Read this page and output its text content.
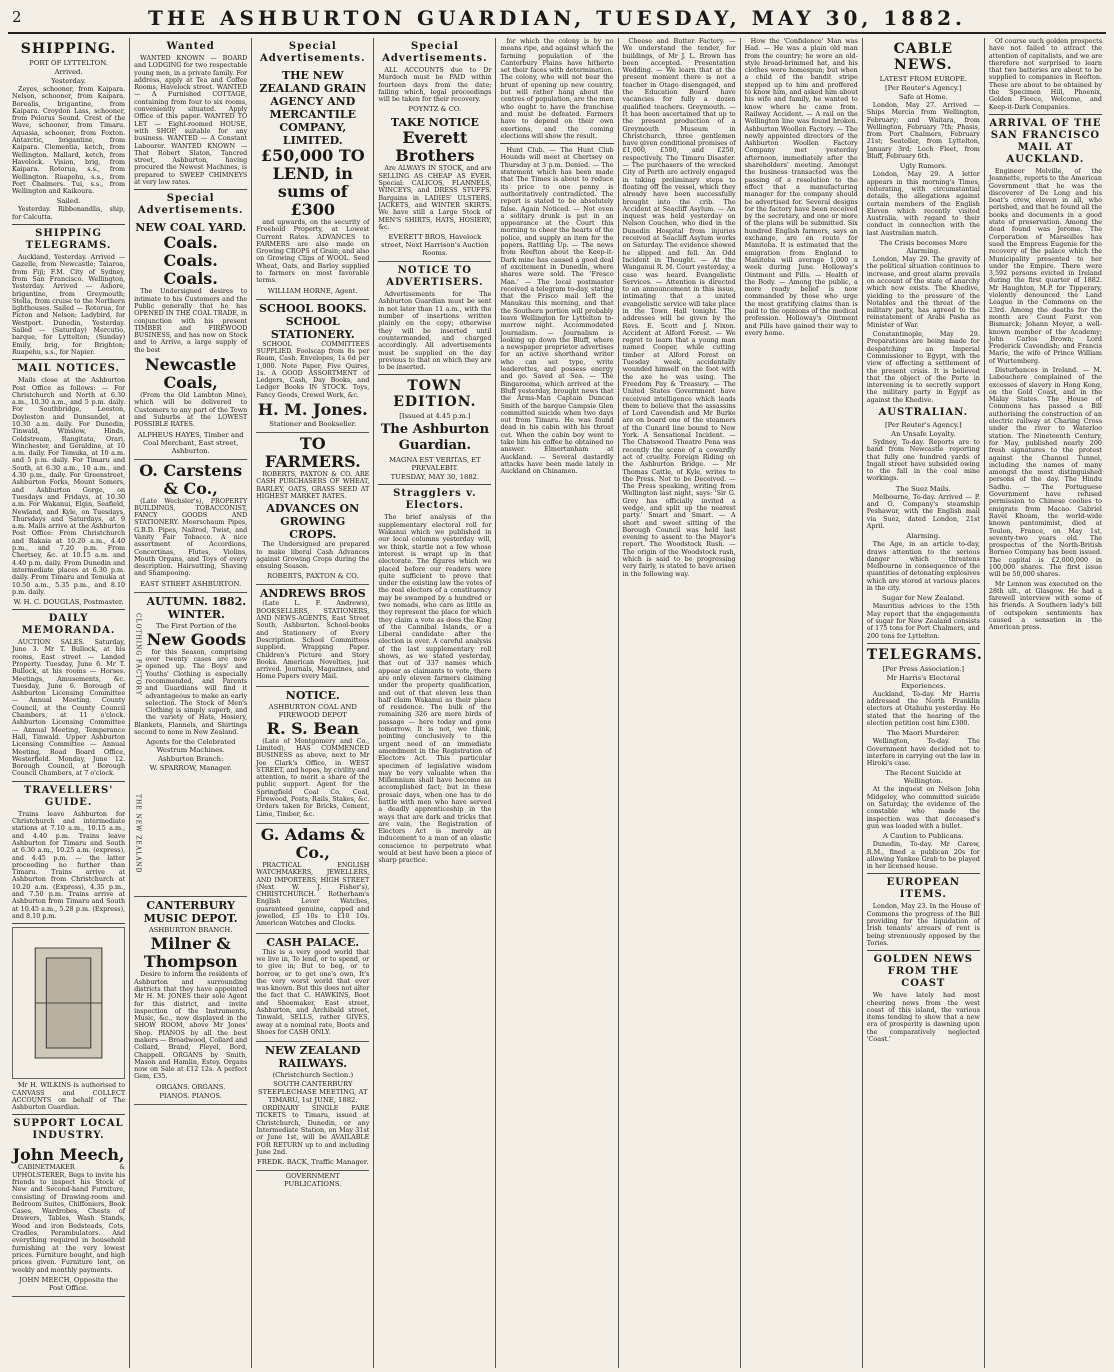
2	THE ASHBURTON GUARDIAN, TUESDAY, MAY 30, 1882.
SHIPPING.
PORT OF LYTTELTON.
Arrived.
Yesterday.

Zeyes, schooner, from Kaipara. Nelson, schooner, from Kaipara. Borealis, brigantine, from Kaipara. Croydon Lass, schooner, from Pelorus Sound. Crest of the Wave, schooner, from Timaru. Aquasia, schooner, from Foxton. Antarctic, brigantine, from Kaipara. Clementia, ketch, from Wellington. Mallard, ketch, from Havelock. Vision, brig, from Kaipara. Rotorua, s.s., from Wellington. Ruapehu, s.s., from Port Chalmers. Tui, s.s., from Wellington and Kaikoura.

Sailed.

Yesterday. Ribbonandlis, ship, for Calcutta.

SHIPPING TELEGRAMS.

Auckland, Yesterday. Arrived — Gazelle, from Newcastle; Taiaroa, from Fiji; F.M. City of Sydney, from San Francisco. Wellington, Yesterday. Arrived — Ashore, brigantine, from Greymouth; Stella, from cruise to the Northern lighthouses. Sailed — Rotorua, for Picton and Nelson; Ladybird, for Westport. Dunedin, Yesterday. Sailed — (Saturday) Mercutio, barque, for Lyttelton; (Sunday) Emily, brig, for Brighton; Ruapehu, s.s., for Napier.

MAIL NOTICES.

Mails close at the Ashburton Post Office as follows: — For Christchurch and North at 6.30 a.m., 10.30 a.m., and 5 p.m. daily. For Southbridge, Leeston, Doyleston and Dunsandel, at 10.30 a.m. daily. For Dunedin, Tinwald, Winslow, Hinds, Coldstream, Rangitata, Orari, Winchester, and Geraldine, at 10 a.m. daily. For Temuka, at 10 a.m. and 5 p.m. daily. For Timaru and South, at 6.30 a.m., 10 a.m., and 4.30 p.m., daily. For Greenstreet, Ashburton Forks, Mount Somers, and Ashburton Gorge, on Tuesdays and Fridays, at 10.30 a.m. For Wakanui, Elgin, Seafield, Newland, and Kyle, on Tuesdays, Thursdays and Saturdays, at 9 a.m. Mails arrive at the Ashburton Post Office: From Christchurch and Rakaia at 10.20 a.m., 4.40 p.m., and 7.20 p.m. From Chertsey, &c. at 10.15 a.m. and 4.40 p.m. daily. From Dunedin and intermediate places at 6.30 p.m. daily. From Timaru and Temuka at 10.50 a.m., 5.35 p.m., and 8.10 p.m. daily.

W. H. C. DOUGLAS, Postmaster.
DAILY MEMORANDA.

AUCTION SALES. Saturday, June 3. Mr T. Bullock, at his rooms, East street — Landed Property. Tuesday, June 6. Mr T. Bullock, at his rooms — Horses. Meetings, Amusements, &c. Tuesday, June 6. Borough of Ashburton Licensing Committee — Annual Meeting. County Council, at the County Council Chambers, at 11 o'clock. Ashburton Licensing Committee — Annual Meeting, Temperance Hall, Tinwald. Upper Ashburton Licensing Committee — Annual Meeting, Road Board Office, Westerfield. Monday, June 12. Borough Council, at Borough Council Chambers, at 7 o'clock.

TRAVELLERS' GUIDE.

Trains leave Ashburton for Christchurch and intermediate stations at 7.10 a.m., 10.15 a.m., and 4.40 p.m. Trains leave Ashburton for Timaru and South at 6.30 a.m., 10.25 a.m. (express), and 4.45 p.m. — the latter proceeding no further than Timaru. Trains arrive at Ashburton from Christchurch at 10.20 a.m. (Express), 4.35 p.m., and 7.50 p.m. Trains arrive at Ashburton from Timaru and South at 10.45 a.m., 5.28 p.m. (Express), and 8.10 p.m.

Mr H. WILKINS is authorised to CANVASS and COLLECT ACCOUNTS on behalf of The Ashburton Guardian.

SUPPORT LOCAL INDUSTRY.
John Meech,

CABINETMAKER & UPHOLSTERER, Begs to invite his friends to inspect his Stock of New and Second-hand Furniture, consisting of Drawing-room and Bedroom Suites, Chiffoniers, Book Cases, Wardrobes, Chests of Drawers, Tables, Wash Stands, Wood and iron Bedsteads, Cots, Cradles, Perambulators. And everything required in household furnishing at the very lowest prices. Furniture bought, and high prices given. Furniture lent, on weekly and monthly payments.

JOHN MEECH, Opposite the Post Office.
Wanted

WANTED KNOWN — BOARD and LODGING for two respectable young men, in a private family. For address, apply at Tea and Coffee Rooms, Havelock street. WANTED — A Furnished COTTAGE, containing from four to six rooms, conveniently situated. Apply Office of this paper. WANTED TO LET — Eight-roomed HOUSE, with SHOP, suitable for any business. WANTED — A Constant Labourer. WANTED KNOWN — That Robert Slaton, Tancred street, Ashburton, having procured the Newest Machines, is prepared to SWEEP CHIMNEYS at very low rates.

Special Advertisements.
NEW COAL YARD.
Coals. Coals. Coals.

The Undersigned desires to intimate to his Customers and the Public generally that he has OPENED IN THE COAL TRADE, in conjunction with his present TIMBER and FIREWOOD BUSINESS, and has now on Stock and to Arrive, a large supply of the best

Newcastle Coals,

(From the Old Lambton Mine), which will be delivered to Customers to any part of the Town and Suburbs at the LOWEST POSSIBLE RATES.

ALPHEUS HAYES, Timber and Coal Merchant, East street, Ashburton.
O. Carstens & Co.,

(Late Wechsler's), PROPERTY BUILDINGS, TOBACCONIST, FANCY GOODS AND STATIONERY. Meerschaum Pipes, G.B.D. Pipes, Nailrod, Twist, and Vanity Fair Tobacco. A nice assortment of Accordions, Concertinas, Flutes, Violins, Mouth Organs, and Toys of every description. Hairsutting, Shaving and Shampooing.

EAST STREET ASHBURTON.
CLOTHING FACTORY
AUTUMN. 1882. WINTER.
The First Portion of the
New Goods

for this Season, comprising over twenty cases are now opened up. The Boys' and Youths' Clothing is especially recommended, and Parents and Guardians will find it advantageous to make an early selection. The Stock of Men's Clothing is simply superb, and the variety of Hats, Hosiery, Blankets, Flannels, and Shirtings second to none in New Zealand.

Agents for the Celebrated Westrum Machines.
Ashburton Branch:
W. SPARROW, Manager.
THE NEW ZEALAND
CANTERBURY MUSIC DEPOT.
ASHBURTON BRANCH.
Milner & Thompson

Desire to inform the residents of Ashburton and surrounding districts that they have appointed Mr H. M. JONES their sole Agent for this district, and invite inspection of the Instruments, Music, &c., now displayed in the SHOW ROOM, above Mr Jones' Shop. PIANOS by all the best makers — Broadwood, Collard and Collard, Brand, Pleyel, Bord, Chappell. ORGANS by Smith, Mason and Hamlin, Estey. Organs now on Sale at £12 12s. A perfect Gem, £35.

ORGANS. ORGANS.
PIANOS. PIANOS.
Special Advertisements.
THE NEW ZEALAND GRAIN AGENCY AND MERCANTILE COMPANY, LIMITED.
£50,000 TO LEND, in sums of £300

and upwards, on the security of Freehold Property, at Lowest Current Rates. ADVANCES to FARMERS are also made on Growing CROPS of Grain; and also on Growing Clips of WOOL. Seed Wheat, Oats, and Barley supplied to farmers on most favorable terms.

WILLIAM HORNE, Agent.
SCHOOL BOOKS. SCHOOL STATIONERY.

SCHOOL COMMITTEES SUPPLIED. Foolscap from 8s per Ream, Cash. Envelopes, 1s 6d per 1,000. Note Paper, Five Quires, 1s. A GOOD ASSORTMENT of Ledgers, Cash, Day Books, and Ledger Books IN STOCK. Toys, Fancy Goods, Crewel Work, &c.

H. M. Jones.
Stationer and Bookseller.
TO FARMERS.

ROBERTS, PAXTON & CO. ARE CASH PURCHASERS OF WHEAT, BARLEY, OATS, GRASS SEED AT HIGHEST MARKET RATES.

ADVANCES ON GROWING CROPS.

The Undersigned are prepared to make liberal Cash Advances against Growing Crops during the ensuing Season.

ROBERTS, PAXTON & CO.
ANDREWS BROS

(Late L. F. Andrews), BOOKSELLERS, STATIONERS, AND NEWS-AGENTS, East Street South, Ashburton. School-books and Stationery of Every Description. School Committees supplied. Wrapping Paper. Children's Picture and Story Books. American Novelties, just arrived. Journals, Magazines, and Home Papers every Mail.

NOTICE.
ASHBURTON COAL AND FIREWOOD DEPOT
R. S. Bean

(Late of Montgomery and Co., Limited), HAS COMMENCED BUSINESS as above, next to Mr Joe Clark's Office, in WEST STREET, and hopes, by civility and attention, to merit a share of the public support. Agent for the Springfield Coal Co. Coal, Firewood, Posts, Rails, Stakes, &c. Orders taken for Bricks, Cement, Lime, Timber, &c.

G. Adams & Co.,

PRACTICAL ENGLISH WATCHMAKERS, JEWELLERS, AND IMPORTERS, HIGH STREET (Next W. J. Fisher's), CHRISTCHURCH. Rotherham's English Lever Watches, guaranteed genuine, capped and jewelled, £5 10s to £10 10s. American Watches and Clocks.

CASH PALACE.

This is a very good world that we live in, To lend, or to spend, or to give in; But to beg, or to borrow, or to get one's own, It's the very worst world that ever was known. But this does not alter the fact that C. HAWKINS, Boot and Shoemaker, East street, Ashburton, and Archibald street, Tinwald, SELLS, rather GIVES, away at a nominal rate, Boots and Shoes for CASH ONLY.

NEW ZEALAND RAILWAYS.
(Christchurch Section.)
SOUTH CANTERBURY STEEPLECHASE MEETING, AT TIMARU, 1st JUNE, 1882.

ORDINARY SINGLE FARE TICKETS to Timaru, issued at Christchurch, Dunedin, or any Intermediate Station, on May 31st or June 1st, will be AVAILABLE FOR RETURN up to and including June 2nd.

FREDK. BACK, Traffic Manager.
GOVERNMENT PUBLICATIONS.
Special Advertisements.

ALL ACCOUNTS due to Dr Murdoch must be PAID within fourteen days from the date; failing which, legal proceedings will be taken for their recovery.

POYNTZ & CO.
TAKE NOTICE
Everett Brothers

Are ALWAYS IN STOCK, and are SELLING AS CHEAP AS EVER. Special: CALICOS, FLANNELS, WINCEYS, and DRESS STUFFS. Bargains in LADIES' ULSTERS, JACKETS, and WINTER SKIRTS. We have still a Large Stock of MEN'S SHIRTS, HATS, HOSIERY, &c.

EVERETT BROS, Havelock street, Next Harrison's Auction Rooms.
NOTICE TO ADVERTISERS.

Advertisements for The Ashburton Guardian must be sent in not later than 11 a.m., with the number of insertions written plainly on the copy; otherwise they will be inserted until countermanded, and charged accordingly. All advertisements must be supplied on the day previous to that on which they are to be inserted.

TOWN EDITION.
[Issued at 4.45 p.m.]
The Ashburton Guardian.
MAGNA EST VERITAS, ET PREVALEBIT.
TUESDAY, MAY 30, 1882.
Stragglers v. Electors.

The brief analysis of the supplementary electoral roll for Wakanui which we published in our local columns yesterday will, we think, startle not a few whose interest is wrapt up in that electorate. The figures which we placed before our readers were quite sufficient to prove that under the existing law the votes of the real electors of a constituency may be swamped by a hundred or two nomads, who care as little as they represent the place for which they claim a vote as does the King of the Cannibal Islands, or a Liberal candidate after the election is over. A careful analysis of the last supplementary roll shows, as we stated yesterday, that out of 337 names which appear as claimants to vote, there are only eleven farmers claiming under the property qualification, and out of that eleven less than half claim Wakanui as their place of residence. The bulk of the remaining 326 are mere birds of passage — here today and gone tomorrow. It is not, we think, pointing conclusively to the urgent need of an immediate amendment in the Registration of Electors Act. This particular specimen of legislative wisdom may be very valuable when the Millennium shall have become an accomplished fact; but in these prosaic days, when one has to do battle with men who have served a deadly apprenticeship in the ways that are dark and tricks that are vain, the Registration of Electors Act is merely an inducement to a man of an elastic conscience to perpetrate what would at best have been a piece of sharp practice.

for which the colony is by no means ripe, and against which the farming population of the Canterbury Plains have hitherto set their faces with determination. The colony, who will not bear the brunt of opening up new country, but will rather hang about the centres of population, are the men who ought to have the franchise and must be defeated. Farmers have to depend on their own exertions, and the coming elections will show the result.

Hunt Club. — The Hunt Club Hounds will meet at Chertsey on Thursday at 3 p.m. Denied. — The statement which has been made that The Times is about to reduce its price to one penny is authoritatively contradicted. The report is stated to be absolutely false. Again Noticed. — Not even a solitary drunk is put in an appearance at the Court this morning to cheer the hearts of the police, and supply an item for the papers. Rattling Up. — The news from Reefton about the Keep-it-Dark mine has caused a good deal of excitement in Dunedin, where shares were sold. The 'Fresco Man.' — The local postmaster received a telegram to-day, stating that the Frisco mail left the Manukau this morning, and that the Southern portion will probably leave Wellington for Lyttelton to-morrow night. Accommodated Journalism. — Journalism is looking up down the Bluff, where a newspaper proprietor advertises for an active shorthand writer who can set type, write leaderettes, and possess energy and go. Saved at Sea. — The Bingarooma, which arrived at the Bluff yesterday, brought news that the Arms-Man Captain Duncan Smith of the barque Campsie Glen committed suicide when two days out from Timaru. He was found dead in his cabin with his throat cut. When the cabin boy went to take him his coffee he obtained no answer. Elmertanham at Auckland. — Several dastardly attacks have been made lately in Auckland on Chinamen.

Cheese and Butter Factory. — We understand the tender, for buildings, of Mr J. L. Brown has been accepted. Presentation Wedding. — We learn that at the present moment there is not a teacher in Otago disengaged, and the Education Board have vacancies for fully a dozen qualified teachers. Greymouth. — It has been ascertained that up to the present production of a Greymouth Museum in Christchurch, three gentlemen have given conditional promises of £1,000, £500, and £250, respectively. The Timaru Disaster. — The purchasers of the wrecked City of Perth are actively engaged in taking preliminary steps to floating off the vessel, which they already have been successfully brought into the crib. The Accident at Seacliff Asylum. — An inquest was held yesterday on Nelson Couchen, who died in the Dunedin Hospital from injuries received at Seacliff Asylum works on Saturday. The evidence showed he slipped and fell. An Odd Incident in Thought. — At the Wanganui R. M. Court yesterday, a case was heard. Evangelistic Services. — Attention is directed to an announcement in this issue, intimating that a united evangelistic service will take place in the Town Hall tonight. The addresses will be given by the Revs. E. Scott and J. Nixon. Accident at Alford Forest. — We regret to learn that a young man named Cooper, while cutting timber at Alford Forest on Tuesday week, accidentally wounded himself on the foot with the axe he was using. The Freedom Pay & Treasury. — The United States Government have received intelligence which leads them to believe that the assassins of Lord Cavendish and Mr Burke are on board one of the steamers of the Cunard line bound to New York. A Sensational Incident. — The Chatswood Theatre Pena was recently the scene of a cowardly act of cruelty. Foreign Riding on the Ashburton Bridge. — Mr Thomas Cattle, of Kyle, writes to the Press. Not to be Deceived. — The Press speaking, writing from Wellington last night, says: 'Sir G. Grey has officially invited a wedge, and split up the nearest party.' Smart and Smart. — A short and sweet sitting of the Borough Council was held last evening to assent to the Mayor's report. The Woodstock Rush. — The origin of the Woodstock rush, which is said to be progressing very fairly, is stated to have arisen in the following way.

How the 'Confidence' Man was Had. — He was a plain old man from the country; he wore an old-style broad-brimmed hat, and his clothes were homespun; but when a child of the bandit stripe stepped up to him and proffered to know him, and asked him about his wife and family, he wanted to know where he came from. Railway Accident. — A rail on the Wellington line was found broken. Ashburton Woollen Factory. — The newly appointed directors of the Ashburton Woollen Factory Company met yesterday afternoon, immediately after the shareholders' meeting. Amongst the business transacted was the passing of a resolution to the effect that a manufacturing manager for the company should be advertised for. Several designs for the factory have been received by the secretary, and one or more of the plans will be submitted. Six hundred English farmers, says an exchange, are en route for Manitoba. It is estimated that the emigration from England to Manitoba will average 1,000 a week during June. Holloway's Ointment and Pills. — Health of the Body. — Among the public, a more ready belief is now commanded by those who urge the most gratifying claims than is paid to the opinions of the medical profession. Holloway's Ointment and Pills have gained their way to every home.

CABLE NEWS.
LATEST FROM EUROPE.
[Per Reuter's Agency.]
Safe at Home.

London, May 27. Arrived — Ships Mercia from Wellington, February; and Waitara, from Wellington, February 7th; Phasis, from Port Chalmers, February 21st; Seatoller, from Lyttelton, January 3rd; Loch Fleet, from Bluff, February 6th.

Ugly Rumors.

London, May 29. A letter appears in this morning's Times, reiterating, with circumstantial details, the allegations against certain members of the English Eleven which recently visited Australia, with regard to their conduct in connection with the last Australian match.

The Crisis becomes More Alarming.

London, May 29. The gravity of the political situation continues to increase, and great alarm prevails on account of the state of anarchy which now exists. The Khedive, yielding to the pressure of the Notables and the threat of the military party, has agreed to the reinstatement of Arabi Pasha as Minister of War.

Constantinople, May 29. Preparations are being made for despatching an Imperial Commissioner to Egypt, with the view of effecting a settlement of the present crisis. It is believed that the object of the Porte in intervening is to secretly support the military party in Egypt as against the Khedive.

AUSTRALIAN.
[Per Reuter's Agency.]
An Unsafe Loyalty.

Sydney, To-day. Reports are to hand from Newcastle reporting that fully one hundred yards of Ingall street have subsided owing to the fall in the coal mine workings.

The Suez Mails.

Melbourne, To-day. Arrived — P. and O. Company's steamship Peshawur, with the English mail via Suez, dated London, 21st April.

Alarming.

The Age, in an article to-day, draws attention to the serious danger which threatens Melbourne in consequence of the quantities of detonating explosives which are stored at various places in the city.

Sugar for New Zealand.

Mauritius advices to the 15th May report that the engagements of sugar for New Zealand consists of 175 tons for Port Chalmers, and 200 tons for Lyttelton.

TELEGRAMS.
[Per Press Association.]
Mr Harris's Electoral Experiences.

Auckland, To-day. Mr Harris addressed the North Franklin electors at Otahuhu yesterday. He stated that the hearing of the election petition cost him £300.

The Maori Murderer.

Wellington, To-day. The Government have decided not to interfere in carrying out the law in Hiroki's case.

The Recent Suicide at Wellington.

At the inquest on Nelson John Midgeley, who committed suicide on Saturday, the evidence of the constable who made the inspection was that deceased's gun was loaded with a bullet.

A Caution to Publicans.

Dunedin, To-day. Mr Carew, R.M., fined a publican 20s for allowing Yankee Grab to be played in her licensed house.

EUROPEAN ITEMS.

London, May 23. In the House of Commons the progress of the Bill providing for the liquidation of Irish tenants' arrears of rent is being strenuously opposed by the Tories.

GOLDEN NEWS FROM THE COAST

We have lately had most cheering news from the west coast of this island, the various items tending to show that a new era of prosperity is dawning upon the comparatively neglected 'Coast.'

Of course such golden prospects have not failed to attract the attention of capitalists, and we are therefore not surprised to learn that two batteries are about to be supplied to companies in Reefton. These are about to be obtained by the Specimen Hill, Phoenix, Golden Fleece, Welcome, and Keep-it-Dark Companies.

ARRIVAL OF THE SAN FRANCISCO MAIL AT AUCKLAND.

Engineer Melville, of the Jeannette, reports to the American Government that he was the discoverer of De Long and his boat's crew, eleven in all, who perished, and that he found all the books and documents in a good state of preservation. Among the dead found was Jerome. The Corporation of Marseilles has sued the Empress Eugenie for the recovery of the palace which the Municipality presented to her under the Empire. There were 3,592 persons evicted in Ireland during the first quarter of 1882. Mr Haughton, M.P. for Tipperary, violently denounced the Land League in the Commons on the 23rd. Among the deaths for the month are Count Furst von Bismarck; Johann Meyer, a well-known member of the Academy; John Carlos Brown; Lord Frederick Cavendish; and Francis Marie, the wife of Prince William of Wurtemberg.

Disturbances in Ireland. — M. Labouchere complained of the excesses of slavery in Hong Kong, on the Gold Coast, and in the Malay States. The House of Commons has passed a Bill authorising the construction of an electric railway at Charing Cross under the river to Waterloo station. The Nineteenth Century, for May, published nearly 200 fresh signatures to the protest against the Channel Tunnel, including the names of many amongst the most distinguished persons of the day. The Hindu Sadhu. — The Portuguese Government have refused permission to Chinese coolies to emigrate from Macao. Gabriel Ravel Khoam, the world-wide known pantomimist, died at Toulon, France, on May 1st, seventy-two years old. The prospectus of the North-British Borneo Company has been issued. The capital is £2,000,000 in 100,000 shares. The first issue will be 50,000 shares.

Mr Lennon was executed on the 28th ult., at Glasgow. He had a farewell interview with some of his friends. A Southern lady's bill of outspoken sentiments has caused a sensation in the American press.
